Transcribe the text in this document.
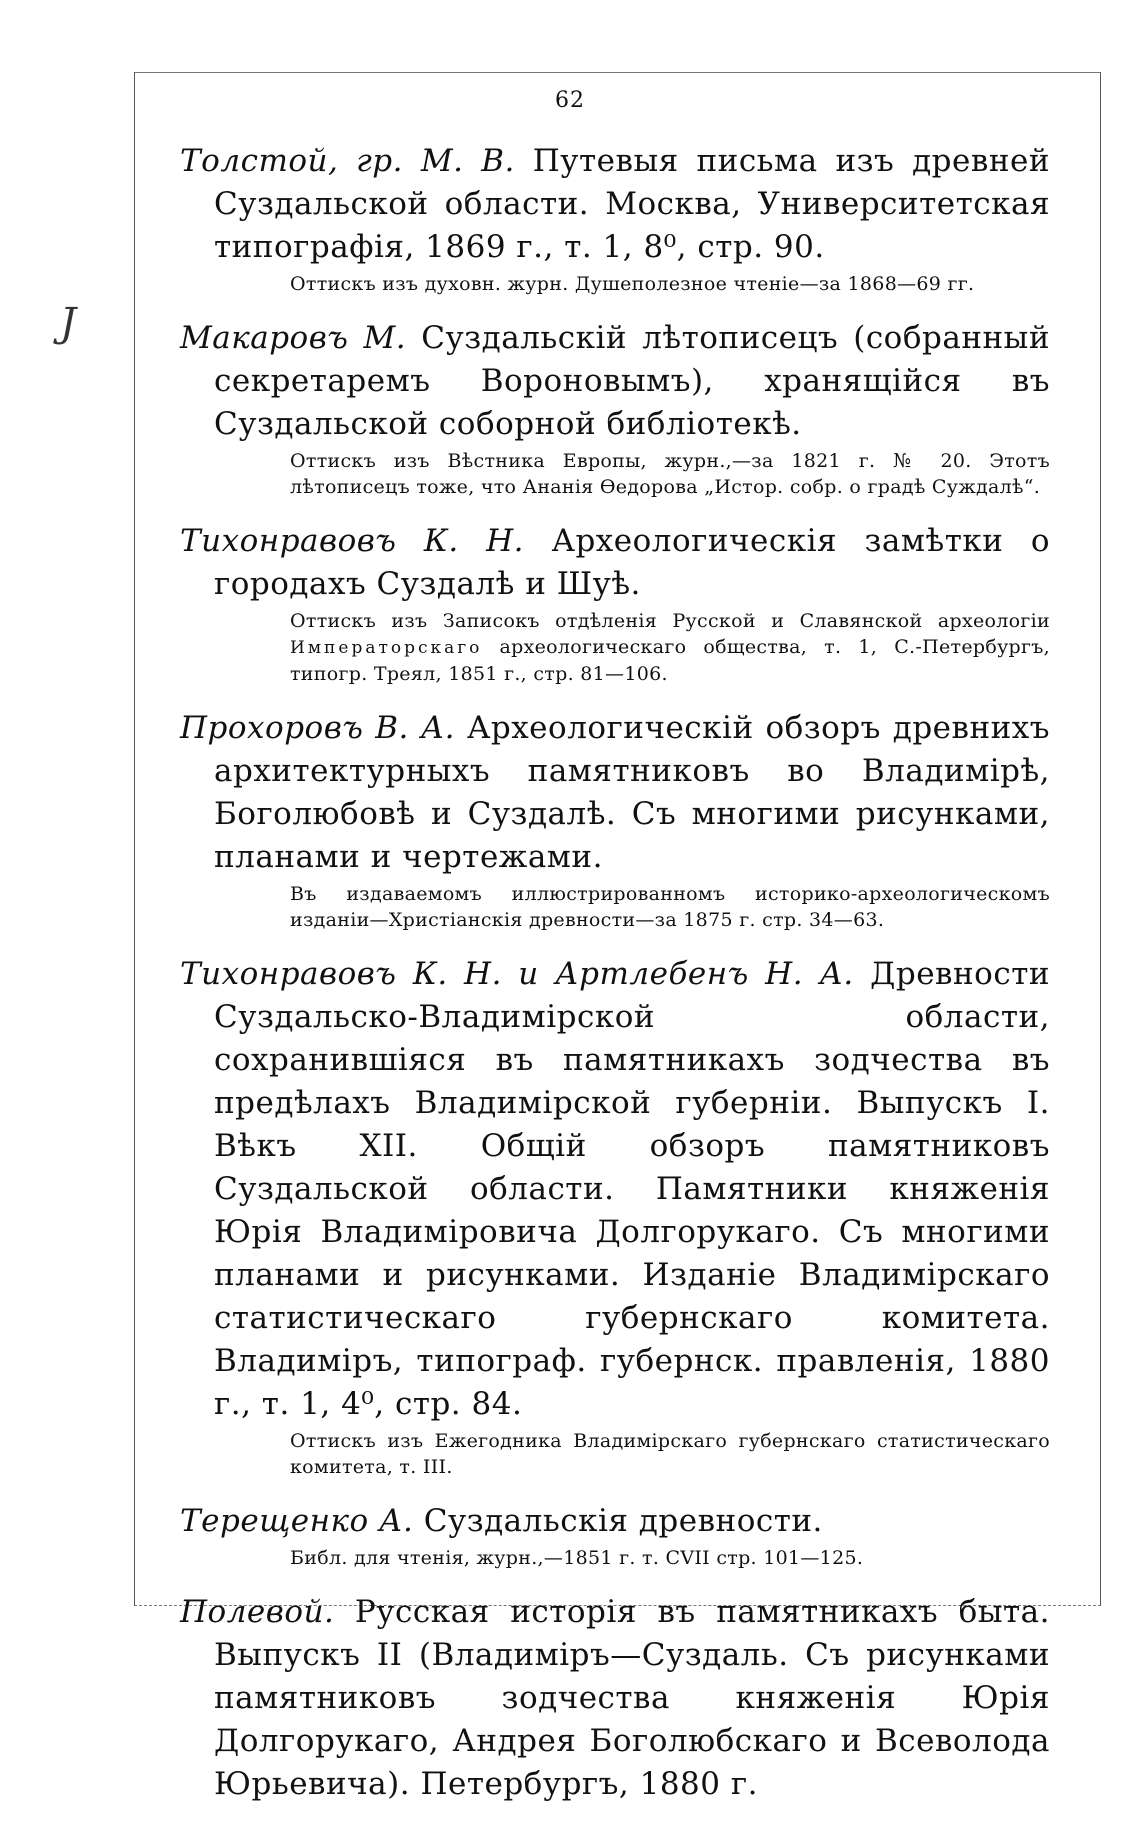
J
62
Толстой, гр. М. В. Путевыя письма изъ древней Суздальской области. Москва, Университетская типографія, 1869 г., т. 1, 8⁰, стр. 90.
Оттискъ изъ духовн. журн. Душеполезное чтеніе—за 1868—69 гг.
Макаровъ М. Суздальскій лѣтописецъ (собранный секретаремъ Вороновымъ), хранящійся въ Суздальской соборной библіотекѣ.
Оттискъ изъ Вѣстника Европы, журн.,—за 1821 г. № 20. Этотъ лѣтописецъ тоже, что Ананія Ѳедорова „Истор. собр. о градѣ Суждалѣ“.
Тихонравовъ К. Н. Археологическія замѣтки о городахъ Суздалѣ и Шуѣ.
Оттискъ изъ Записокъ отдѣленія Русской и Славянской археологіи Императорскаго археологическаго общества, т. 1, С.-Петербургъ, типогр. Треял, 1851 г., стр. 81—106.
Прохоровъ В. А. Археологическій обзоръ древнихъ архитектурныхъ памятниковъ во Владимірѣ, Боголюбовѣ и Суздалѣ. Съ многими рисунками, планами и чертежами.
Въ издаваемомъ иллюстрированномъ историко-археологическомъ изданіи—Христіанскія древности—за 1875 г. стр. 34—63.
Тихонравовъ К. Н. и Артлебенъ Н. А. Древности Суздальско-Владимірской области, сохранившіяся въ памятникахъ зодчества въ предѣлахъ Владимірской губерніи. Выпускъ I. Вѣкъ XII. Общій обзоръ памятниковъ Суздальской области. Памятники княженія Юрія Владиміровича Долгорукаго. Съ многими планами и рисунками. Изданіе Владимірскаго статистическаго губернскаго комитета. Владиміръ, типограф. губернск. правленія, 1880 г., т. 1, 4⁰, стр. 84.
Оттискъ изъ Ежегодника Владимірскаго губернскаго статистическаго комитета, т. III.
Терещенко А. Суздальскія древности.
Библ. для чтенія, журн.,—1851 г. т. CVII стр. 101—125.
Полевой. Русская исторія въ памятникахъ быта. Выпускъ II (Владиміръ—Суздаль. Съ рисунками памятниковъ зодчества княженія Юрія Долгорукаго, Андрея Боголюбскаго и Всеволода Юрьевича). Петербургъ, 1880 г.
